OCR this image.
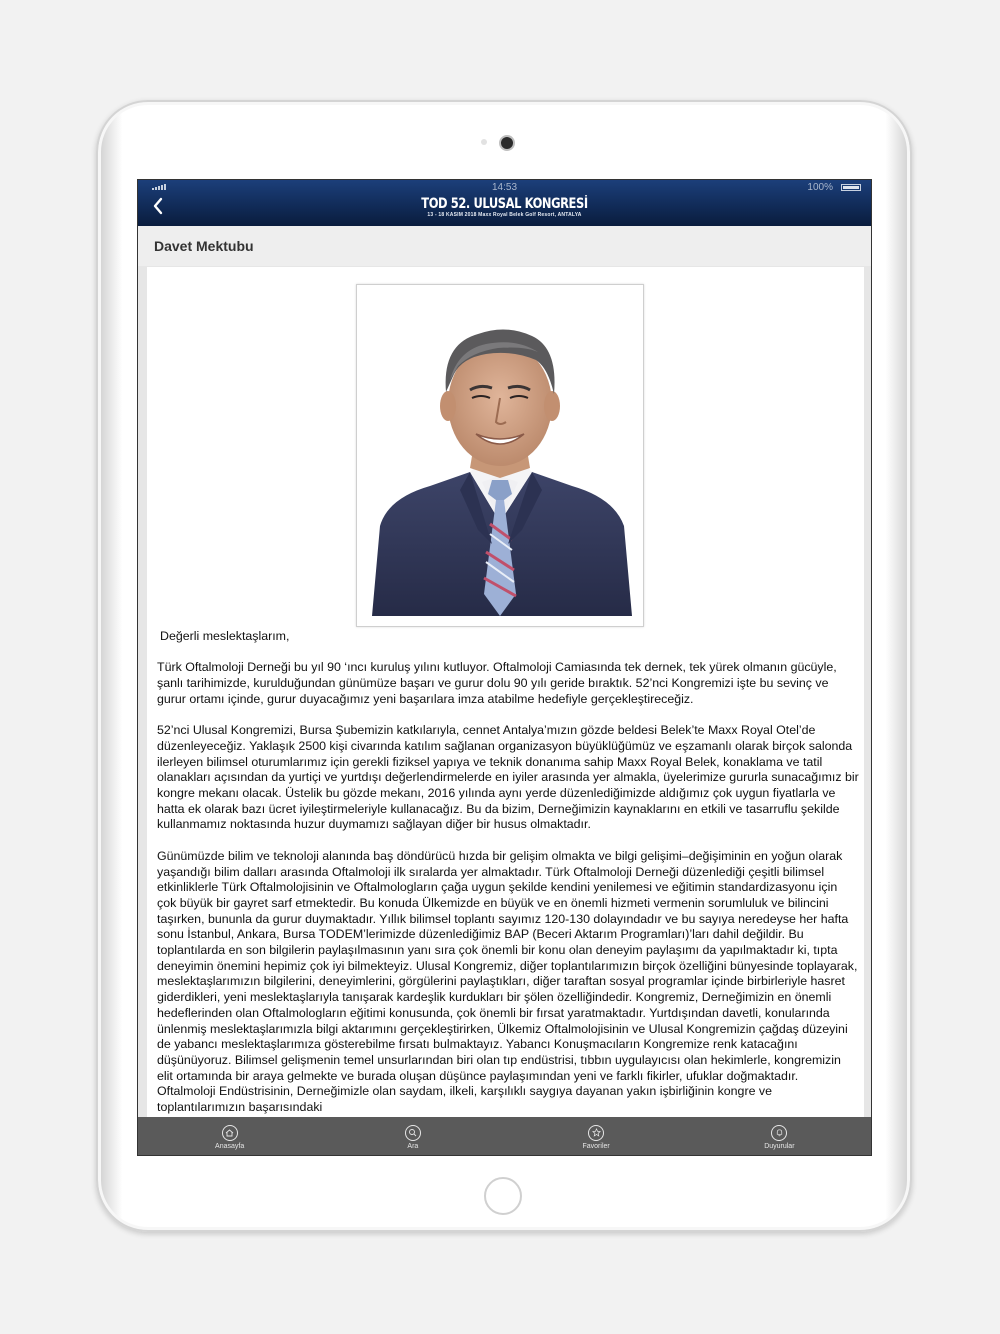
14:53	100%
TOD 52. ULUSAL KONGRESİ
13 - 18 KASIM 2018 Maxx Royal Belek Golf Resort, ANTALYA
Davet Mektubu

Değerli meslektaşlarım,

Türk Oftalmoloji Derneği bu yıl 90 ‘ıncı kuruluş yılını kutluyor. Oftalmoloji Camiasında tek dernek, tek yürek olmanın gücüyle, şanlı tarihimizde, kurulduğundan günümüze başarı ve gurur dolu 90 yılı geride bıraktık. 52’nci Kongremizi işte bu sevinç ve gurur ortamı içinde, gurur duyacağımız yeni başarılara imza atabilme hedefiyle gerçekleştireceğiz.

52’nci Ulusal Kongremizi, Bursa Şubemizin katkılarıyla, cennet Antalya’mızın gözde beldesi Belek’te Maxx Royal Otel’de düzenleyeceğiz. Yaklaşık 2500 kişi civarında katılım sağlanan organizasyon büyüklüğümüz ve eşzamanlı olarak birçok salonda ilerleyen bilimsel oturumlarımız için gerekli fiziksel yapıya ve teknik donanıma sahip Maxx Royal Belek, konaklama ve tatil olanakları açısından da yurtiçi ve yurtdışı değerlendirmelerde en iyiler arasında yer almakla, üyelerimize gururla sunacağımız bir kongre mekanı olacak. Üstelik bu gözde mekanı, 2016 yılında aynı yerde düzenlediğimizde aldığımız çok uygun fiyatlarla ve hatta ek olarak bazı ücret iyileştirmeleriyle kullanacağız. Bu da bizim, Derneğimizin kaynaklarını en etkili ve tasarruflu şekilde kullanmamız noktasında huzur duymamızı sağlayan diğer bir husus olmaktadır.

Günümüzde bilim ve teknoloji alanında baş döndürücü hızda bir gelişim olmakta ve bilgi gelişimi–değişiminin en yoğun olarak yaşandığı bilim dalları arasında Oftalmoloji ilk sıralarda yer almaktadır. Türk Oftalmoloji Derneği düzenlediği çeşitli bilimsel etkinliklerle Türk Oftalmolojisinin ve Oftalmologların çağa uygun şekilde kendini yenilemesi ve eğitimin standardizasyonu için çok büyük bir gayret sarf etmektedir. Bu konuda Ülkemizde en büyük ve en önemli hizmeti vermenin sorumluluk ve bilincini taşırken, bununla da gurur duymaktadır. Yıllık bilimsel toplantı sayımız 120-130 dolayındadır ve bu sayıya neredeyse her hafta sonu İstanbul, Ankara, Bursa TODEM’lerimizde düzenlediğimiz BAP (Beceri Aktarım Programları)’ları dahil değildir. Bu toplantılarda en son bilgilerin paylaşılmasının yanı sıra çok önemli bir konu olan deneyim paylaşımı da yapılmaktadır ki, tıpta deneyimin önemini hepimiz çok iyi bilmekteyiz. Ulusal Kongremiz, diğer toplantılarımızın birçok özelliğini bünyesinde toplayarak, meslektaşlarımızın bilgilerini, deneyimlerini, görgülerini paylaştıkları, diğer taraftan sosyal programlar içinde birbirleriyle hasret giderdikleri, yeni meslektaşlarıyla tanışarak kardeşlik kurdukları bir şölen özelliğindedir. Kongremiz, Derneğimizin en önemli hedeflerinden olan Oftalmologların eğitimi konusunda, çok önemli bir fırsat yaratmaktadır. Yurtdışından davetli, konularında ünlenmiş meslektaşlarımızla bilgi aktarımını gerçekleştirirken, Ülkemiz Oftalmolojisinin ve Ulusal Kongremizin çağdaş düzeyini de yabancı meslektaşlarımıza gösterebilme fırsatı bulmaktayız. Yabancı Konuşmacıların Kongremize renk katacağını düşünüyoruz. Bilimsel gelişmenin temel unsurlarından biri olan tıp endüstrisi, tıbbın uygulayıcısı olan hekimlerle, kongremizin elit ortamında bir araya gelmekte ve burada oluşan düşünce paylaşımından yeni ve farklı fikirler, ufuklar doğmaktadır. Oftalmoloji Endüstrisinin, Derneğimizle olan saydam, ilkeli, karşılıklı saygıya dayanan yakın işbirliğinin kongre ve toplantılarımızın başarısındaki

Anasayfa	Ara	Favoriler	Duyurular
